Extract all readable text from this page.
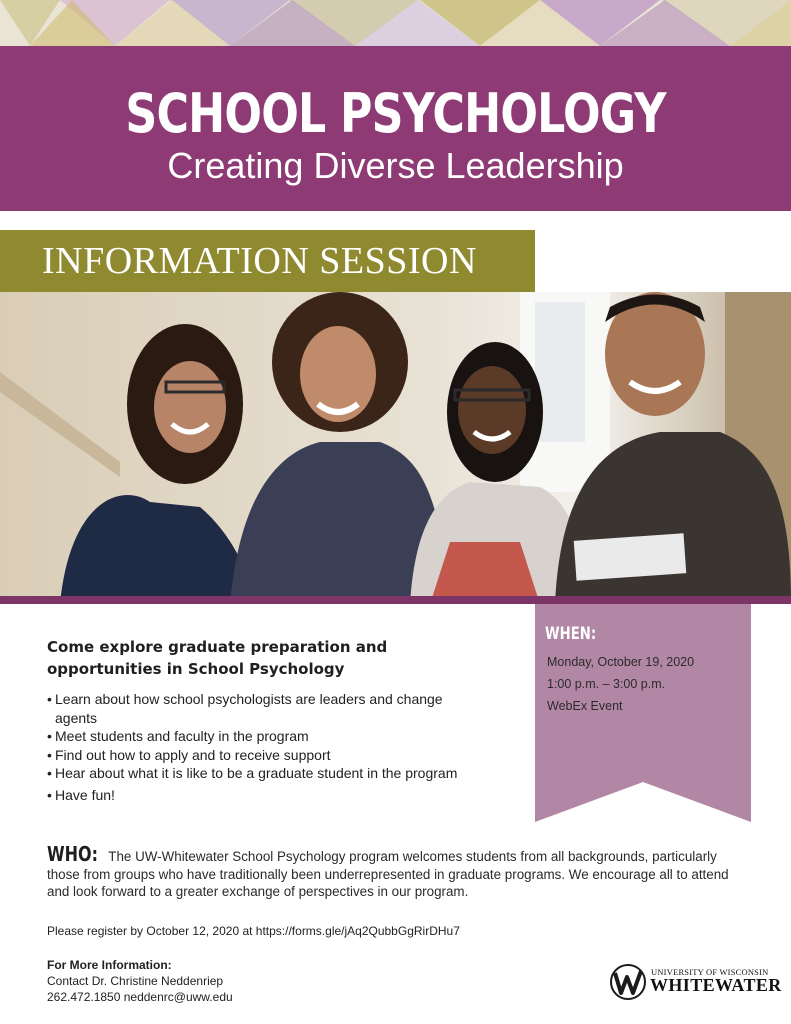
SCHOOL PSYCHOLOGY
Creating Diverse Leadership
INFORMATION SESSION
Come explore graduate preparation and
opportunities in School Psychology
• Learn about how school psychologists are leaders and change agents
• Meet students and faculty in the program
• Find out how to apply and to receive support
• Hear about what it is like to be a graduate student in the program
• Have fun!
WHEN:
Monday, October 19, 2020
1:00 p.m. – 3:00 p.m.
WebEx Event
WHO: The UW-Whitewater School Psychology program welcomes students from all backgrounds, particularly those from groups who have traditionally been underrepresented in graduate programs. We encourage all to attend and look forward to a greater exchange of perspectives in our program.
Please register by October 12, 2020 at https://forms.gle/jAq2QubbGgRirDHu7
For More Information:
Contact Dr. Christine Neddenriep
262.472.1850 neddenrc@uww.edu
UNIVERSITY OF WISCONSIN
WHITEWATER
